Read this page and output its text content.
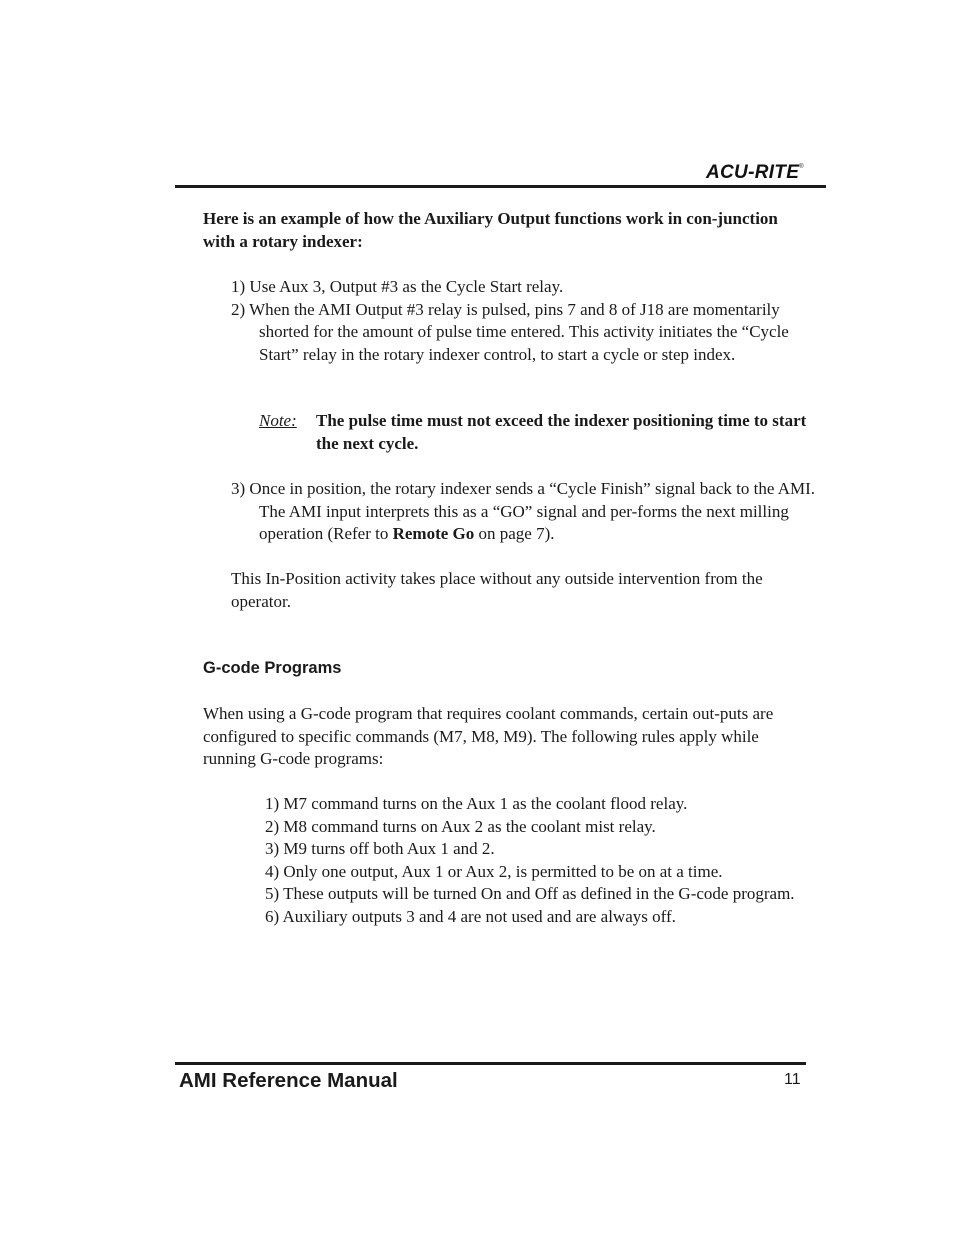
ACU-RITE®

Here is an example of how the Auxiliary Output functions work in con-junction with a rotary indexer:

1) Use Aux 3, Output #3 as the Cycle Start relay.
2) When the AMI Output #3 relay is pulsed, pins 7 and 8 of J18 are momentarily shorted for the amount of pulse time entered. This activity initiates the “Cycle Start” relay in the rotary indexer control, to start a cycle or step index.
Note:	The pulse time must not exceed the indexer positioning time to start the next cycle.
3) Once in position, the rotary indexer sends a “Cycle Finish” signal back to the AMI. The AMI input interprets this as a “GO” signal and per-forms the next milling operation (Refer to Remote Go on page 7).

This In-Position activity takes place without any outside intervention from the operator.

G-code Programs

When using a G-code program that requires coolant commands, certain out-puts are configured to specific commands (M7, M8, M9). The following rules apply while running G-code programs:

1) M7 command turns on the Aux 1 as the coolant flood relay.
2) M8 command turns on Aux 2 as the coolant mist relay.
3) M9 turns off both Aux 1 and 2.
4) Only one output, Aux 1 or Aux 2, is permitted to be on at a time.
5) These outputs will be turned On and Off as defined in the G-code program.
6) Auxiliary outputs 3 and 4 are not used and are always off.
AMI Reference Manual	11
